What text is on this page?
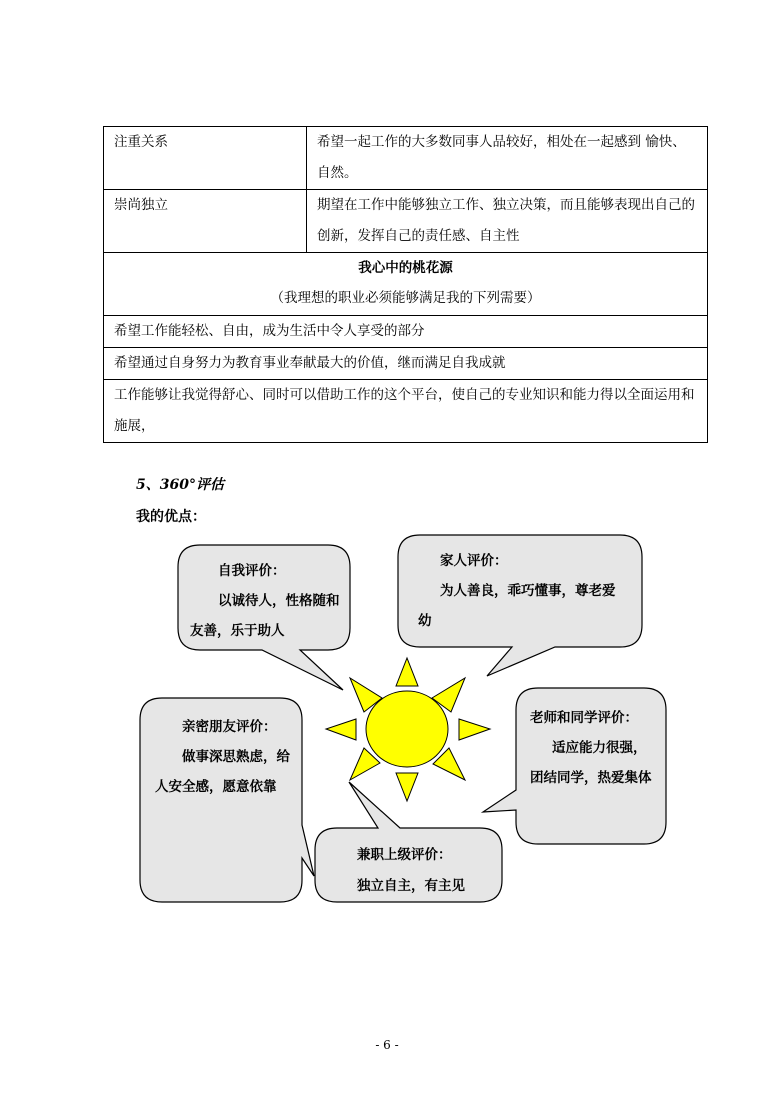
注重关系	希望一起工作的大多数同事人品较好，相处在一起感到 愉快、自然。
崇尚独立	期望在工作中能够独立工作、独立决策，而且能够表现出自己的创新，发挥自己的责任感、自主性

我心中的桃花源
（我理想的职业必须能够满足我的下列需要）	
希望工作能轻松、自由，成为生活中令人享受的部分	
希望通过自身努力为教育事业奉献最大的价值，继而满足自我成就	
工作能够让我觉得舒心、同时可以借助工作的这个平台，使自己的专业知识和能力得以全面运用和施展，	
5、360°评估
我的优点：
自我评价：
以诚待人，性格随和
友善，乐于助人
家人评价：
为人善良，乖巧懂事，尊老爱
幼
亲密朋友评价：
做事深思熟虑，给
人安全感，愿意依靠
老师和同学评价：
适应能力很强，
团结同学，热爱集体
兼职上级评价：
独立自主，有主见
- 6 -
